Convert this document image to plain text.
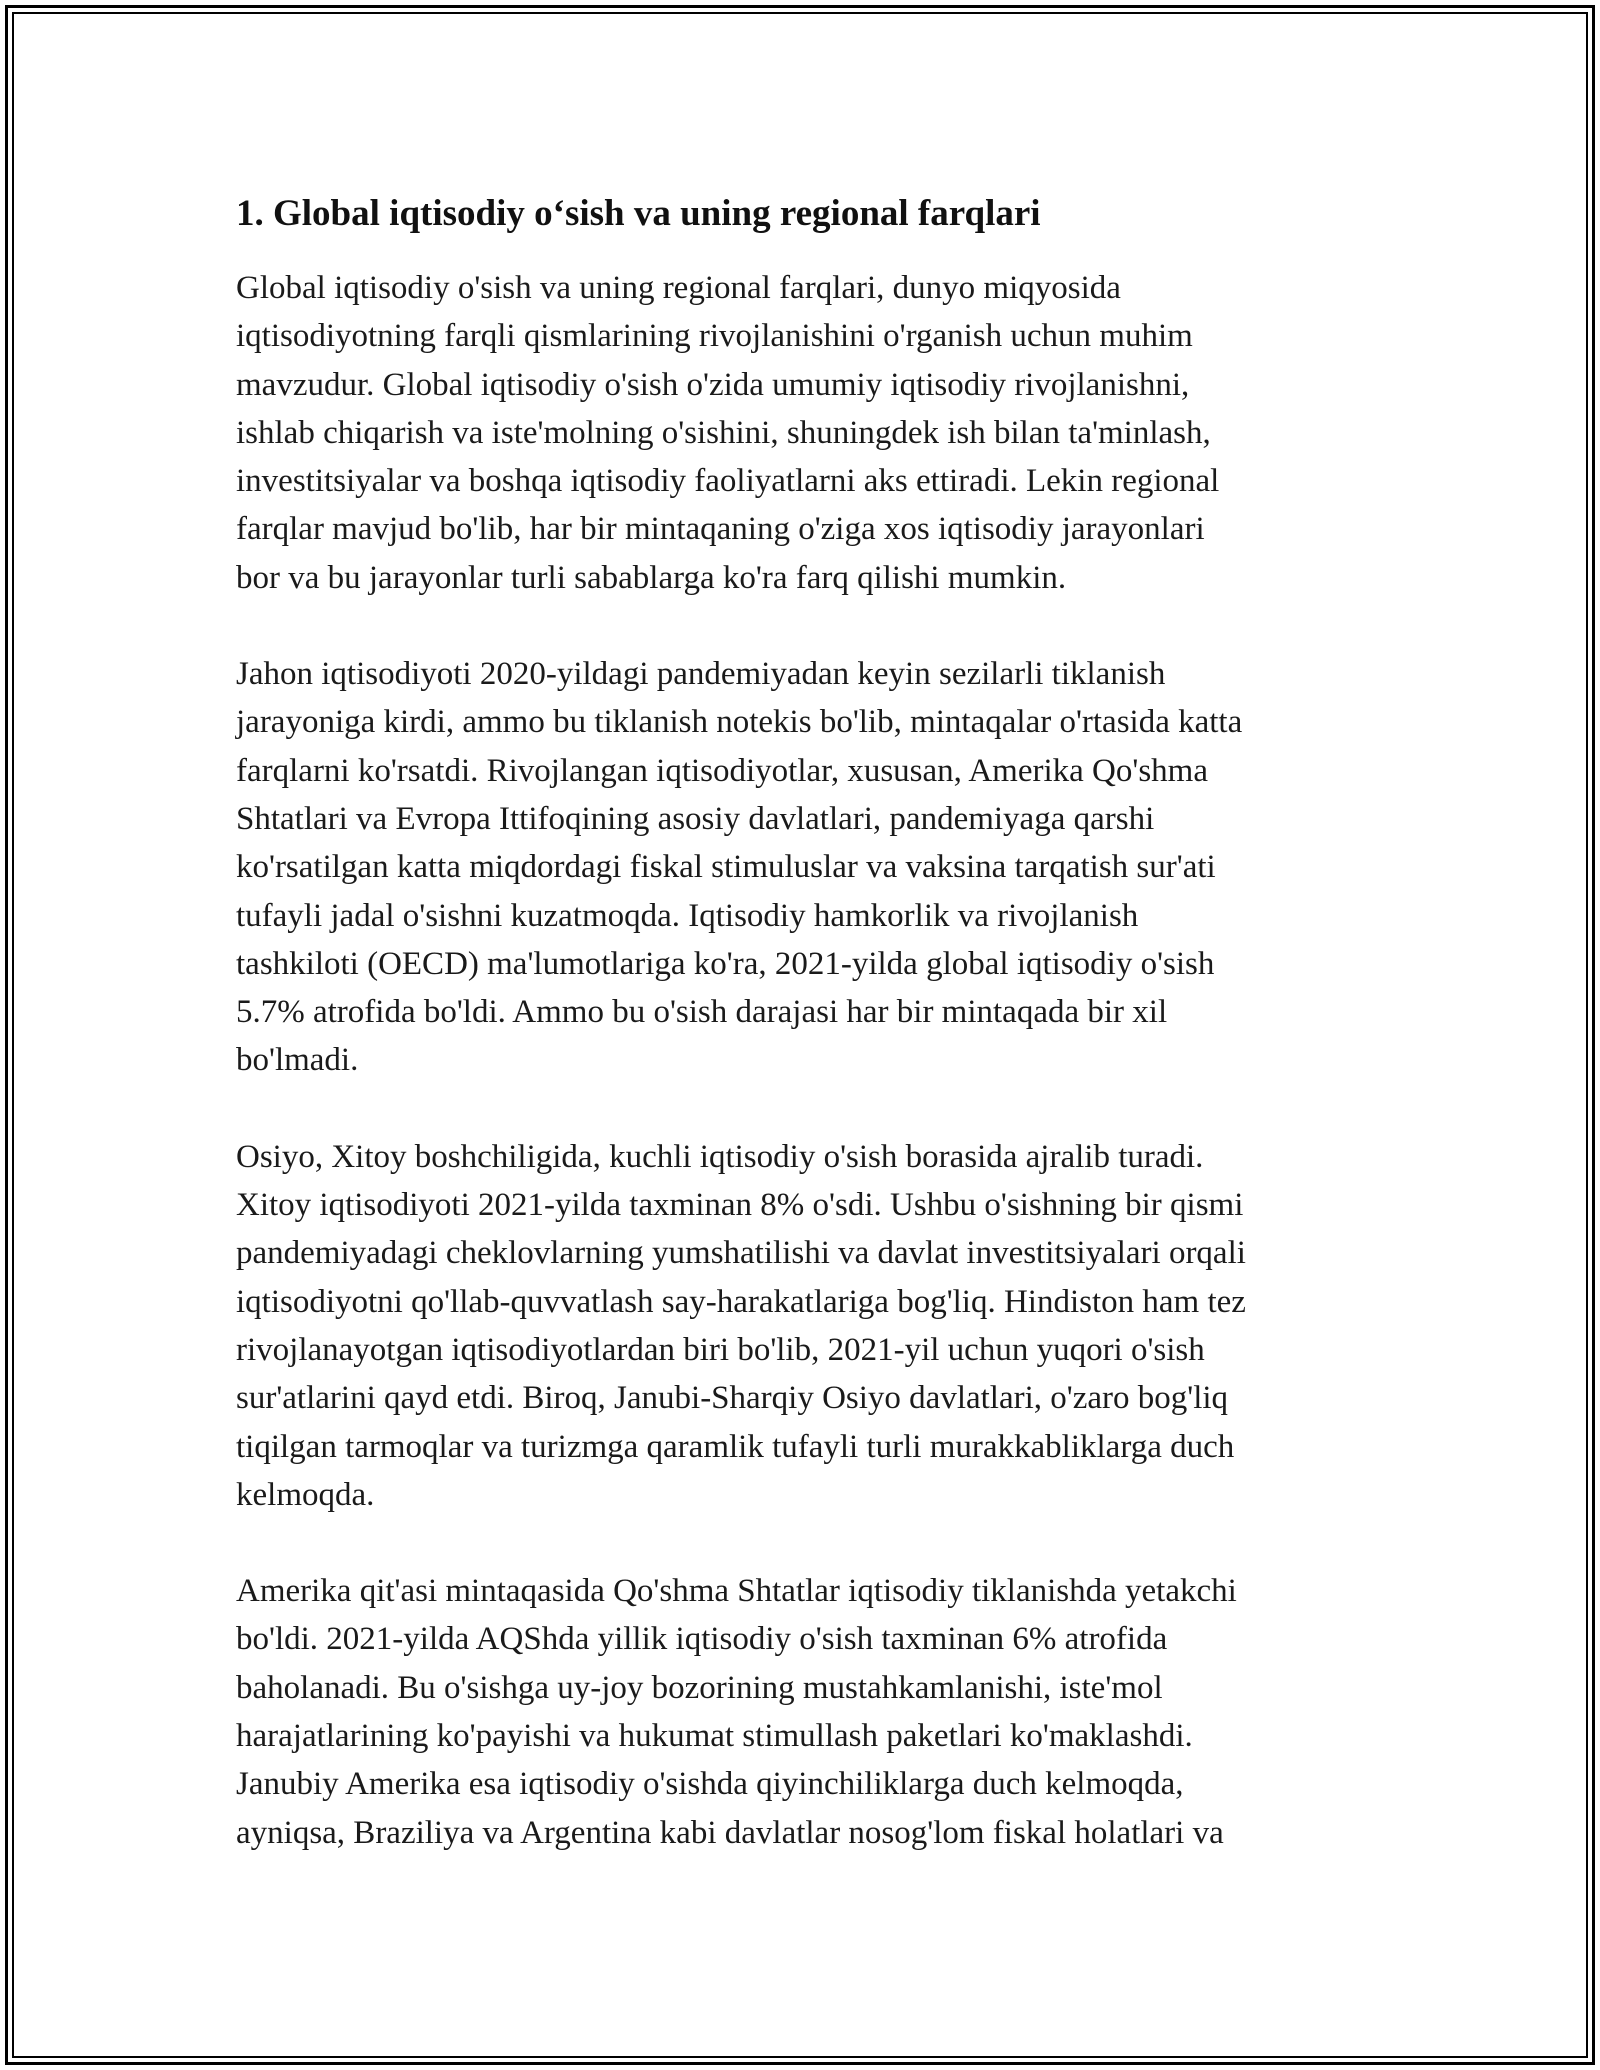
1. Global iqtisodiy o‘sish va uning regional farqlari

Global iqtisodiy o'sish va uning regional farqlari, dunyo miqyosida
iqtisodiyotning farqli qismlarining rivojlanishini o'rganish uchun muhim
mavzudur. Global iqtisodiy o'sish o'zida umumiy iqtisodiy rivojlanishni,
ishlab chiqarish va iste'molning o'sishini, shuningdek ish bilan ta'minlash,
investitsiyalar va boshqa iqtisodiy faoliyatlarni aks ettiradi. Lekin regional
farqlar mavjud bo'lib, har bir mintaqaning o'ziga xos iqtisodiy jarayonlari
bor va bu jarayonlar turli sabablarga ko'ra farq qilishi mumkin.

Jahon iqtisodiyoti 2020-yildagi pandemiyadan keyin sezilarli tiklanish
jarayoniga kirdi, ammo bu tiklanish notekis bo'lib, mintaqalar o'rtasida katta
farqlarni ko'rsatdi. Rivojlangan iqtisodiyotlar, xususan, Amerika Qo'shma
Shtatlari va Evropa Ittifoqining asosiy davlatlari, pandemiyaga qarshi
ko'rsatilgan katta miqdordagi fiskal stimuluslar va vaksina tarqatish sur'ati
tufayli jadal o'sishni kuzatmoqda. Iqtisodiy hamkorlik va rivojlanish
tashkiloti (OECD) ma'lumotlariga ko'ra, 2021-yilda global iqtisodiy o'sish
5.7% atrofida bo'ldi. Ammo bu o'sish darajasi har bir mintaqada bir xil
bo'lmadi.

Osiyo, Xitoy boshchiligida, kuchli iqtisodiy o'sish borasida ajralib turadi.
Xitoy iqtisodiyoti 2021-yilda taxminan 8% o'sdi. Ushbu o'sishning bir qismi
pandemiyadagi cheklovlarning yumshatilishi va davlat investitsiyalari orqali
iqtisodiyotni qo'llab-quvvatlash say-harakatlariga bog'liq. Hindiston ham tez
rivojlanayotgan iqtisodiyotlardan biri bo'lib, 2021-yil uchun yuqori o'sish
sur'atlarini qayd etdi. Biroq, Janubi-Sharqiy Osiyo davlatlari, o'zaro bog'liq
tiqilgan tarmoqlar va turizmga qaramlik tufayli turli murakkabliklarga duch
kelmoqda.

Amerika qit'asi mintaqasida Qo'shma Shtatlar iqtisodiy tiklanishda yetakchi
bo'ldi. 2021-yilda AQShda yillik iqtisodiy o'sish taxminan 6% atrofida
baholanadi. Bu o'sishga uy-joy bozorining mustahkamlanishi, iste'mol
harajatlarining ko'payishi va hukumat stimullash paketlari ko'maklashdi.
Janubiy Amerika esa iqtisodiy o'sishda qiyinchiliklarga duch kelmoqda,
ayniqsa, Braziliya va Argentina kabi davlatlar nosog'lom fiskal holatlari va
